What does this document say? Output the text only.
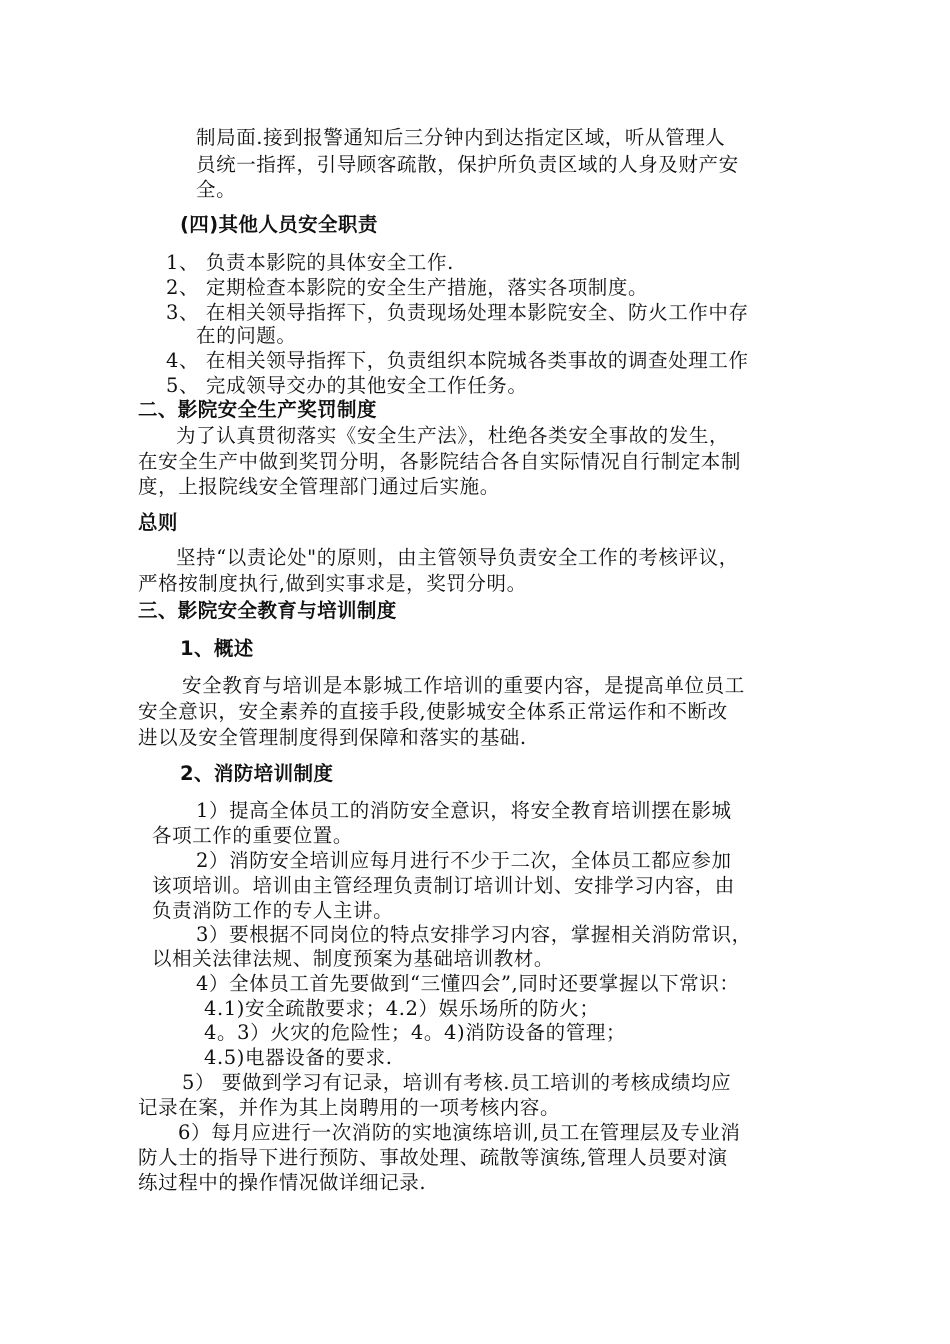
制局面.接到报警通知后三分钟内到达指定区域，听从管理人
员统一指挥，引导顾客疏散，保护所负责区域的人身及财产安
全。
(四)其他人员安全职责
1、 负责本影院的具体安全工作.
2、 定期检查本影院的安全生产措施，落实各项制度。
3、 在相关领导指挥下，负责现场处理本影院安全、防火工作中存
在的问题。
4、 在相关领导指挥下，负责组织本院城各类事故的调查处理工作
5、 完成领导交办的其他安全工作任务。
二、影院安全生产奖罚制度
为了认真贯彻落实《安全生产法》，杜绝各类安全事故的发生，
在安全生产中做到奖罚分明，各影院结合各自实际情况自行制定本制
度，上报院线安全管理部门通过后实施。
总则
坚持“以责论处"的原则，由主管领导负责安全工作的考核评议，
严格按制度执行,做到实事求是，奖罚分明。
三、影院安全教育与培训制度
1、概述
安全教育与培训是本影城工作培训的重要内容，是提高单位员工
安全意识，安全素养的直接手段,使影城安全体系正常运作和不断改
进以及安全管理制度得到保障和落实的基础.
2、消防培训制度
1）提高全体员工的消防安全意识，将安全教育培训摆在影城
各项工作的重要位置。
2）消防安全培训应每月进行不少于二次，全体员工都应参加
该项培训。培训由主管经理负责制订培训计划、安排学习内容，由
负责消防工作的专人主讲。
3）要根据不同岗位的特点安排学习内容，掌握相关消防常识，
以相关法律法规、制度预案为基础培训教材。
4）全体员工首先要做到“三懂四会”,同时还要掌握以下常识：
4.1)安全疏散要求；4.2）娱乐场所的防火；
4。3）火灾的危险性；4。4)消防设备的管理；
4.5)电器设备的要求.
5） 要做到学习有记录，培训有考核.员工培训的考核成绩均应
记录在案，并作为其上岗聘用的一项考核内容。
6）每月应进行一次消防的实地演练培训,员工在管理层及专业消
防人士的指导下进行预防、事故处理、疏散等演练,管理人员要对演
练过程中的操作情况做详细记录.
